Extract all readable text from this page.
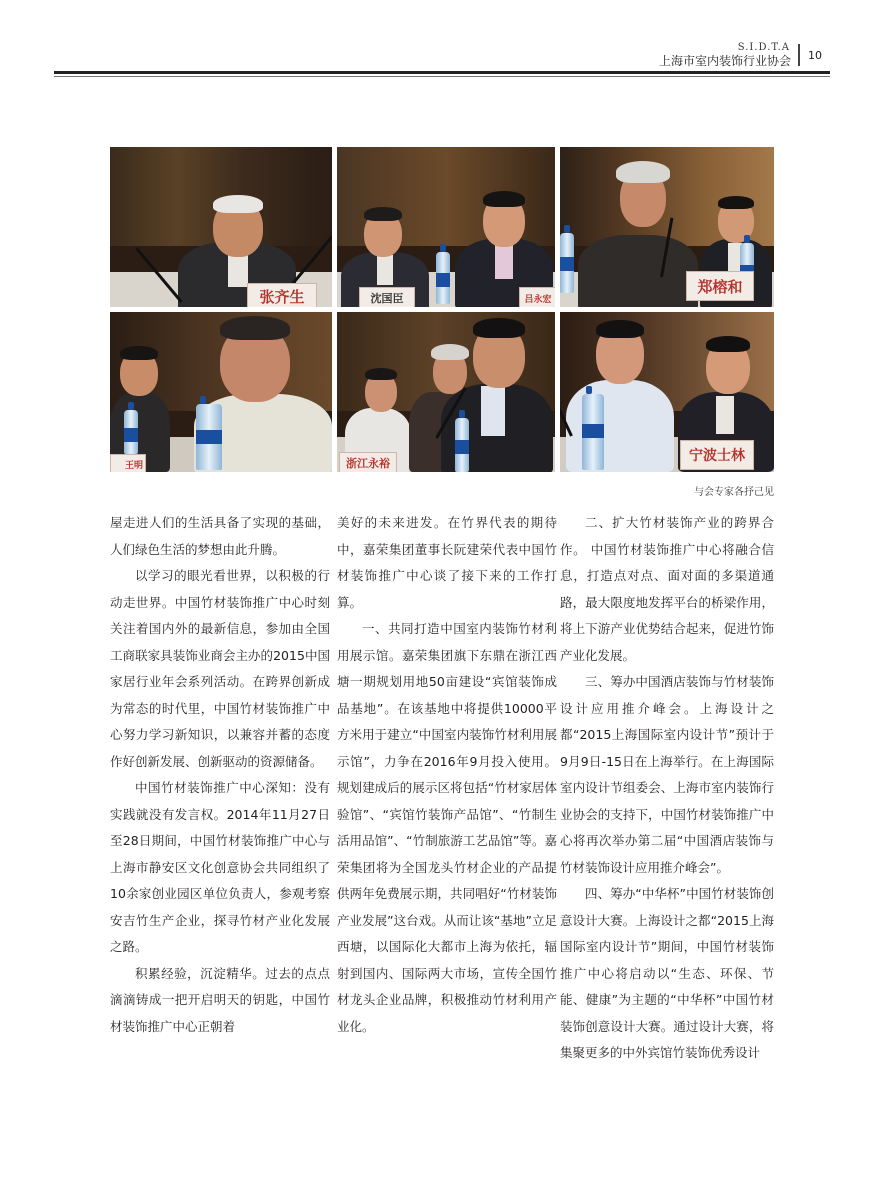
S.I.D.T.A
上海市室内装饰行业协会 10
张齐生	沈国臣	吕永宏
郑榕和
王明	浙江永裕	宁波士林
与会专家各抒己见

屋走进人们的生活具备了实现的基础，人们绿色生活的梦想由此升腾。

以学习的眼光看世界，以积极的行动走世界。中国竹材装饰推广中心时刻关注着国内外的最新信息，参加由全国工商联家具装饰业商会主办的2015中国家居行业年会系列活动。在跨界创新成为常态的时代里，中国竹材装饰推广中心努力学习新知识，以兼容并蓄的态度作好创新发展、创新驱动的资源储备。

中国竹材装饰推广中心深知：没有实践就没有发言权。2014年11月27日至28日期间，中国竹材装饰推广中心与上海市静安区文化创意协会共同组织了10余家创业园区单位负责人，参观考察安吉竹生产企业，探寻竹材产业化发展之路。

积累经验，沉淀精华。过去的点点滴滴铸成一把开启明天的钥匙，中国竹材装饰推广中心正朝着

美好的未来进发。在竹界代表的期待中，嘉荣集团董事长阮建荣代表中国竹材装饰推广中心谈了接下来的工作打算。

一、共同打造中国室内装饰竹材利用展示馆。嘉荣集团旗下东鼎在浙江西塘一期规划用地50亩建设“宾馆装饰成品基地”。在该基地中将提供10000平方米用于建立“中国室内装饰竹材利用展示馆”，力争在2016年9月投入使用。规划建成后的展示区将包括“竹材家居体验馆”、“宾馆竹装饰产品馆”、“竹制生活用品馆”、“竹制旅游工艺品馆”等。嘉荣集团将为全国龙头竹材企业的产品提供两年免费展示期，共同唱好“竹材装饰产业发展”这台戏。从而让该“基地”立足西塘，以国际化大都市上海为依托，辐射到国内、国际两大市场，宣传全国竹材龙头企业品牌，积极推动竹材利用产业化。

二、扩大竹材装饰产业的跨界合作。 中国竹材装饰推广中心将融合信息，打造点对点、面对面的多渠道通路，最大限度地发挥平台的桥梁作用，将上下游产业优势结合起来，促进竹饰产业化发展。

三、筹办中国酒店装饰与竹材装饰设计应用推介峰会。上海设计之都“2015上海国际室内设计节”预计于9月9日-15日在上海举行。在上海国际室内设计节组委会、上海市室内装饰行业协会的支持下，中国竹材装饰推广中心将再次举办第二届“中国酒店装饰与竹材装饰设计应用推介峰会”。

四、筹办“中华杯”中国竹材装饰创意设计大赛。上海设计之都“2015上海国际室内设计节”期间，中国竹材装饰推广中心将启动以“生态、环保、节能、健康”为主题的“中华杯”中国竹材装饰创意设计大赛。通过设计大赛，将集聚更多的中外宾馆竹装饰优秀设计
